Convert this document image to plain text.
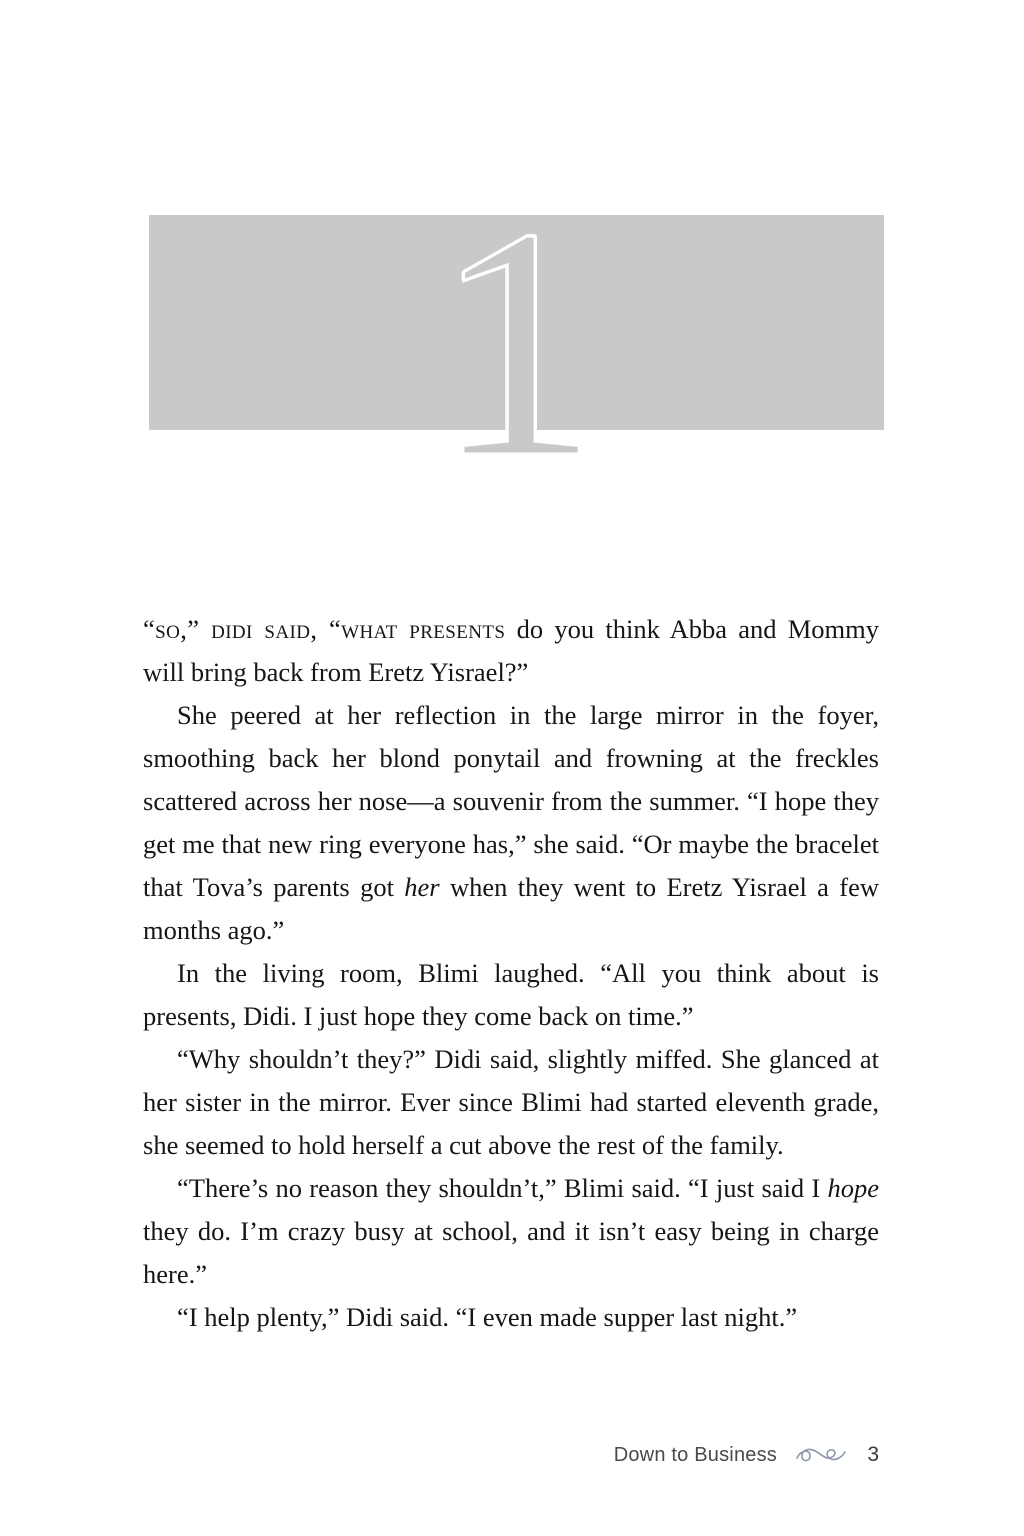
1

“so,” didi said, “what presents do you think Abba and Mommy will bring back from Eretz Yisrael?”

She peered at her reflection in the large mirror in the foyer, smoothing back her blond ponytail and frowning at the freckles scattered across her nose—a souvenir from the summer. “I hope they get me that new ring everyone has,” she said. “Or maybe the bracelet that Tova’s parents got her when they went to Eretz Yisrael a few months ago.”

In the living room, Blimi laughed. “All you think about is presents, Didi. I just hope they come back on time.”

“Why shouldn’t they?” Didi said, slightly miffed. She glanced at her sister in the mirror. Ever since Blimi had started eleventh grade, she seemed to hold herself a cut above the rest of the family.

“There’s no reason they shouldn’t,” Blimi said. “I just said I hope they do. I’m crazy busy at school, and it isn’t easy being in charge here.”

“I help plenty,” Didi said. “I even made supper last night.”

Down to Business	3
